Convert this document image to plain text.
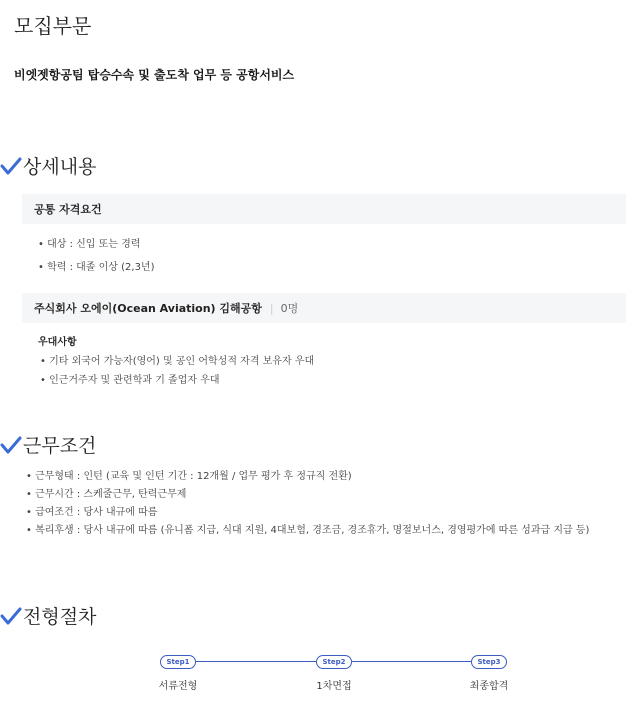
모집부문
비엣젯항공팀 탑승수속 및 출도착 업무 등 공항서비스
상세내용
공통 자격요건
• 대상 : 신입 또는 경력
• 학력 : 대졸 이상 (2,3년)
주식회사 오에이(Ocean Aviation) 김해공항 | 0명
우대사항
• 기타 외국어 가능자(영어) 및 공인 어학성적 자격 보유자 우대
• 인근거주자 및 관련학과 기 졸업자 우대
근무조건
• 근무형태 : 인턴 (교육 및 인턴 기간 : 12개월 / 업무 평가 후 정규직 전환)
• 근무시간 : 스케줄근무, 탄력근무제
• 급여조건 : 당사 내규에 따름
• 복리후생 : 당사 내규에 따름 (유니폼 지급, 식대 지원, 4대보험, 경조금, 경조휴가, 명절보너스, 경영평가에 따른 성과급 지급 등)
전형절차
Step1	Step2	Step3
서류전형	1차면접	최종합격
